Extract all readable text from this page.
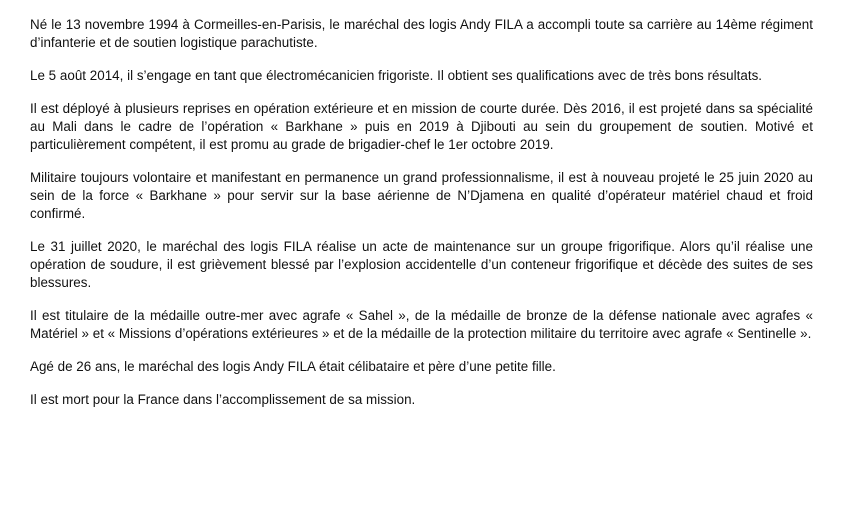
Né le 13 novembre 1994 à Cormeilles-en-Parisis, le maréchal des logis Andy FILA a accompli toute sa carrière au 14ème régiment d’infanterie et de soutien logistique parachutiste.

Le 5 août 2014, il s’engage en tant que électromécanicien frigoriste. Il obtient ses qualifications avec de très bons résultats.

Il est déployé à plusieurs reprises en opération extérieure et en mission de courte durée. Dès 2016, il est projeté dans sa spécialité au Mali dans le cadre de l’opération « Barkhane » puis en 2019 à Djibouti au sein du groupement de soutien. Motivé et particulièrement compétent, il est promu au grade de brigadier-chef le 1er octobre 2019.

Militaire toujours volontaire et manifestant en permanence un grand professionnalisme, il est à nouveau projeté le 25 juin 2020 au sein de la force « Barkhane » pour servir sur la base aérienne de N’Djamena en qualité d’opérateur matériel chaud et froid confirmé.

Le 31 juillet 2020, le maréchal des logis FILA réalise un acte de maintenance sur un groupe frigorifique. Alors qu’il réalise une opération de soudure, il est grièvement blessé par l’explosion accidentelle d’un conteneur frigorifique et décède des suites de ses blessures.

Il est titulaire de la médaille outre-mer avec agrafe « Sahel », de la médaille de bronze de la défense nationale avec agrafes « Matériel » et « Missions d’opérations extérieures » et de la médaille de la protection militaire du territoire avec agrafe « Sentinelle ».

Agé de 26 ans, le maréchal des logis Andy FILA était célibataire et père d’une petite fille.

Il est mort pour la France dans l’accomplissement de sa mission.
